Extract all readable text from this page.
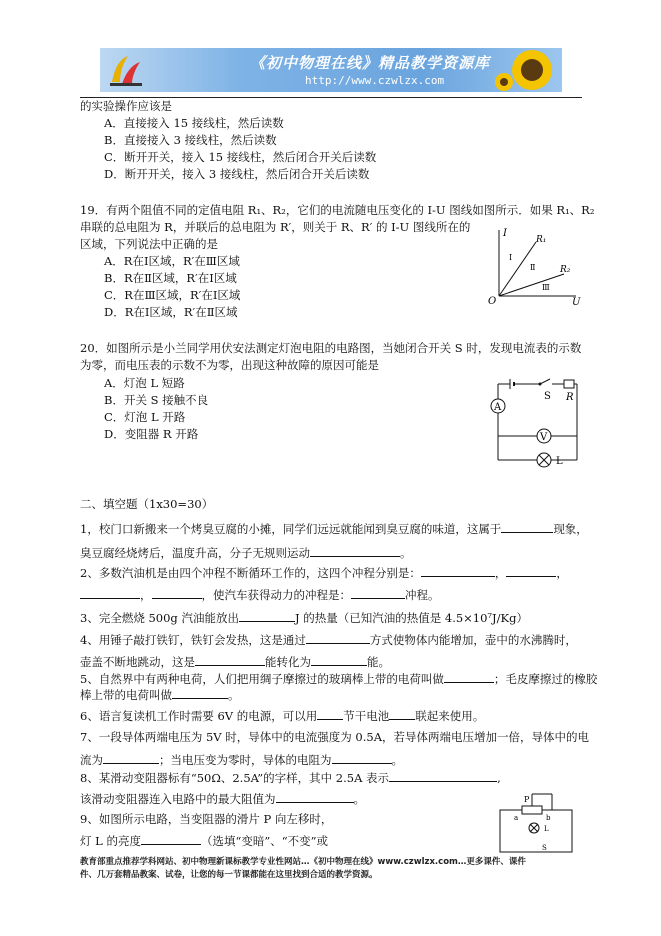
《初中物理在线》精品教学资源库
http://www.czwlzx.com
的实验操作应该是
A．直接接入 15 接线柱，然后读数
B．直接接入 3 接线柱，然后读数
C．断开开关，接入 15 接线柱，然后闭合开关后读数
D．断开开关，接入 3 接线柱，然后闭合开关后读数
19．有两个阻值不同的定值电阻 R₁、R₂，它们的电流随电压变化的 I-U 图线如图所示．如果 R₁、R₂
串联的总电阻为 R，并联后的总电阻为 R′，则关于 R、R′ 的 I-U 图线所在的
区域，下列说法中正确的是
A．R在Ⅰ区域，R′在Ⅲ区域
B．R在Ⅱ区域，R′在Ⅰ区域
C．R在Ⅲ区域，R′在Ⅰ区域
D．R在Ⅰ区域，R′在Ⅱ区域
I
U
O
R₁
R₂
Ⅰ
Ⅱ
Ⅲ
20．如图所示是小兰同学用伏安法测定灯泡电阻的电路图，当她闭合开关 S 时，发现电流表的示数
为零，而电压表的示数不为零，出现这种故障的原因可能是
A．灯泡 L 短路
B．开关 S 接触不良
C．灯泡 L 开路
D．变阻器 R 开路
A
S R
V
L
二、填空题（1x30=30）
1，校门口新搬来一个烤臭豆腐的小摊，同学们远远就能闻到臭豆腐的味道，这属于	现象，
臭豆腐经烧烤后，温度升高，分子无规则运动	。
2、多数汽油机是由四个冲程不断循环工作的，这四个冲程分别是：	，	，
，	，使汽车获得动力的冲程是：	冲程。
3、完全燃烧 500g 汽油能放出	J 的热量（已知汽油的热值是 4.5×10⁷J/Kg）
4、用锤子敲打铁钉，铁钉会发热，这是通过	方式使物体内能增加，壶中的水沸腾时，
壶盖不断地跳动，这是	能转化为	能。
5、自然界中有两种电荷，人们把用绸子摩擦过的玻璃棒上带的电荷叫做	；毛皮摩擦过的橡胶
棒上带的电荷叫做	。
6、语言复读机工作时需要 6V 的电源，可以用 节干电池 联起来使用。
7、一段导体两端电压为 5V 时，导体中的电流强度为 0.5A，若导体两端电压增加一倍，导体中的电
流为	；当电压变为零时，导体的电阻为	。
8、某滑动变阻器标有“50Ω、2.5A”的字样，其中 2.5A 表示	,
该滑动变阻器连入电路中的最大阻值为	。
9、如图所示电路，当变阻器的滑片 P 向左移时，
灯 L 的亮度	（选填“变暗”、“不变”或
P
a	b
L
S
教育部重点推荐学科网站、初中物理新课标教学专业性网站…《初中物理在线》www.czwlzx.com…更多课件、课件
件、几万套精品教案、试卷，让您的每一节课都能在这里找到合适的教学资源。
